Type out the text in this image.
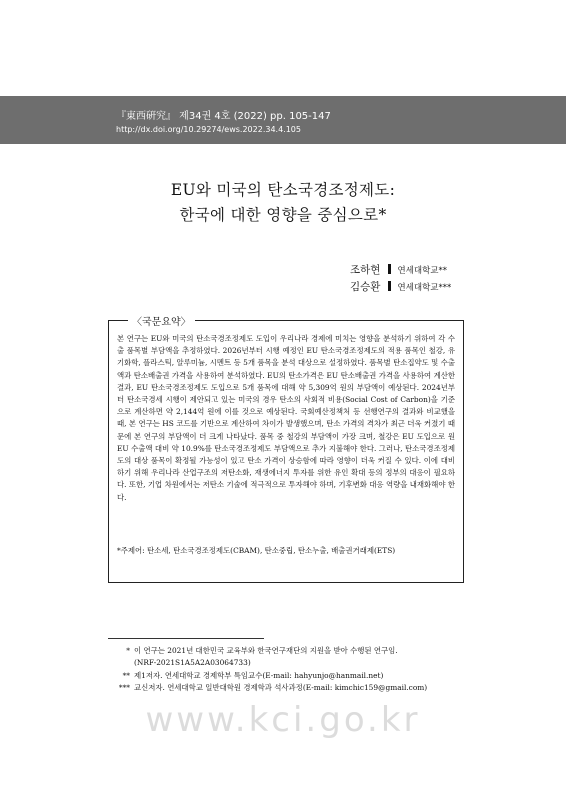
『東西硏究』 제34권 4호 (2022) pp. 105-147
http://dx.doi.org/10.29274/ews.2022.34.4.105
EU와 미국의 탄소국경조정제도:
한국에 대한 영향을 중심으로*
조하현 연세대학교**
김승환 연세대학교***
〈국문요약〉
본 연구는 EU와 미국의 탄소국경조정제도 도입이 우리나라 경제에 미치는 영향을 분석하기 위하여 각 수출 품목별 부담액을 추정하였다. 2026년부터 시행 예정인 EU 탄소국경조정제도의 적용 품목인 철강, 유기화학, 플라스틱, 알루미늄, 시멘트 등 5개 품목을 분석 대상으로 설정하였다. 품목별 탄소집약도 및 수출액과 탄소배출권 가격을 사용하여 분석하였다. EU의 탄소가격은 EU 탄소배출권 가격을 사용하여 계산한 결과, EU 탄소국경조정제도 도입으로 5개 품목에 대해 약 5,309억 원의 부담액이 예상된다. 2024년부터 탄소국경세 시행이 제안되고 있는 미국의 경우 탄소의 사회적 비용(Social Cost of Carbon)을 기준으로 계산하면 약 2,144억 원에 이를 것으로 예상된다. 국회예산정책처 등 선행연구의 결과와 비교했을 때, 본 연구는 HS 코드를 기반으로 계산하여 차이가 발생했으며, 탄소 가격의 격차가 최근 더욱 커졌기 때문에 본 연구의 부담액이 더 크게 나타났다. 품목 중 철강의 부담액이 가장 크며, 철강은 EU 도입으로 원 EU 수출액 대비 약 10.9%를 탄소국경조정제도 부담액으로 추가 지불해야 한다. 그러나, 탄소국경조정제도의 대상 품목이 확정될 가능성이 있고 탄소 가격이 상승함에 따라 영향이 더욱 커질 수 있다. 이에 대비하기 위해 우리나라 산업구조의 저탄소화, 재생에너지 투자를 위한 유인 확대 등의 정부의 대응이 필요하다. 또한, 기업 차원에서는 저탄소 기술에 적극적으로 투자해야 하며, 기후변화 대응 역량을 내재화해야 한다.
*주제어: 탄소세, 탄소국경조정제도(CBAM), 탄소중립, 탄소누출, 배출권거래제(ETS)
* 이 연구는 2021년 대한민국 교육부와 한국연구재단의 지원을 받아 수행된 연구임.
(NRF-2021S1A5A2A03064733)
** 제1저자. 연세대학교 경제학부 특임교수(E-mail: hahyunjo@hanmail.net)
*** 교신저자. 연세대학교 일반대학원 경제학과 석사과정(E-mail: kimchic159@gmail.com)
www.kci.go.kr
